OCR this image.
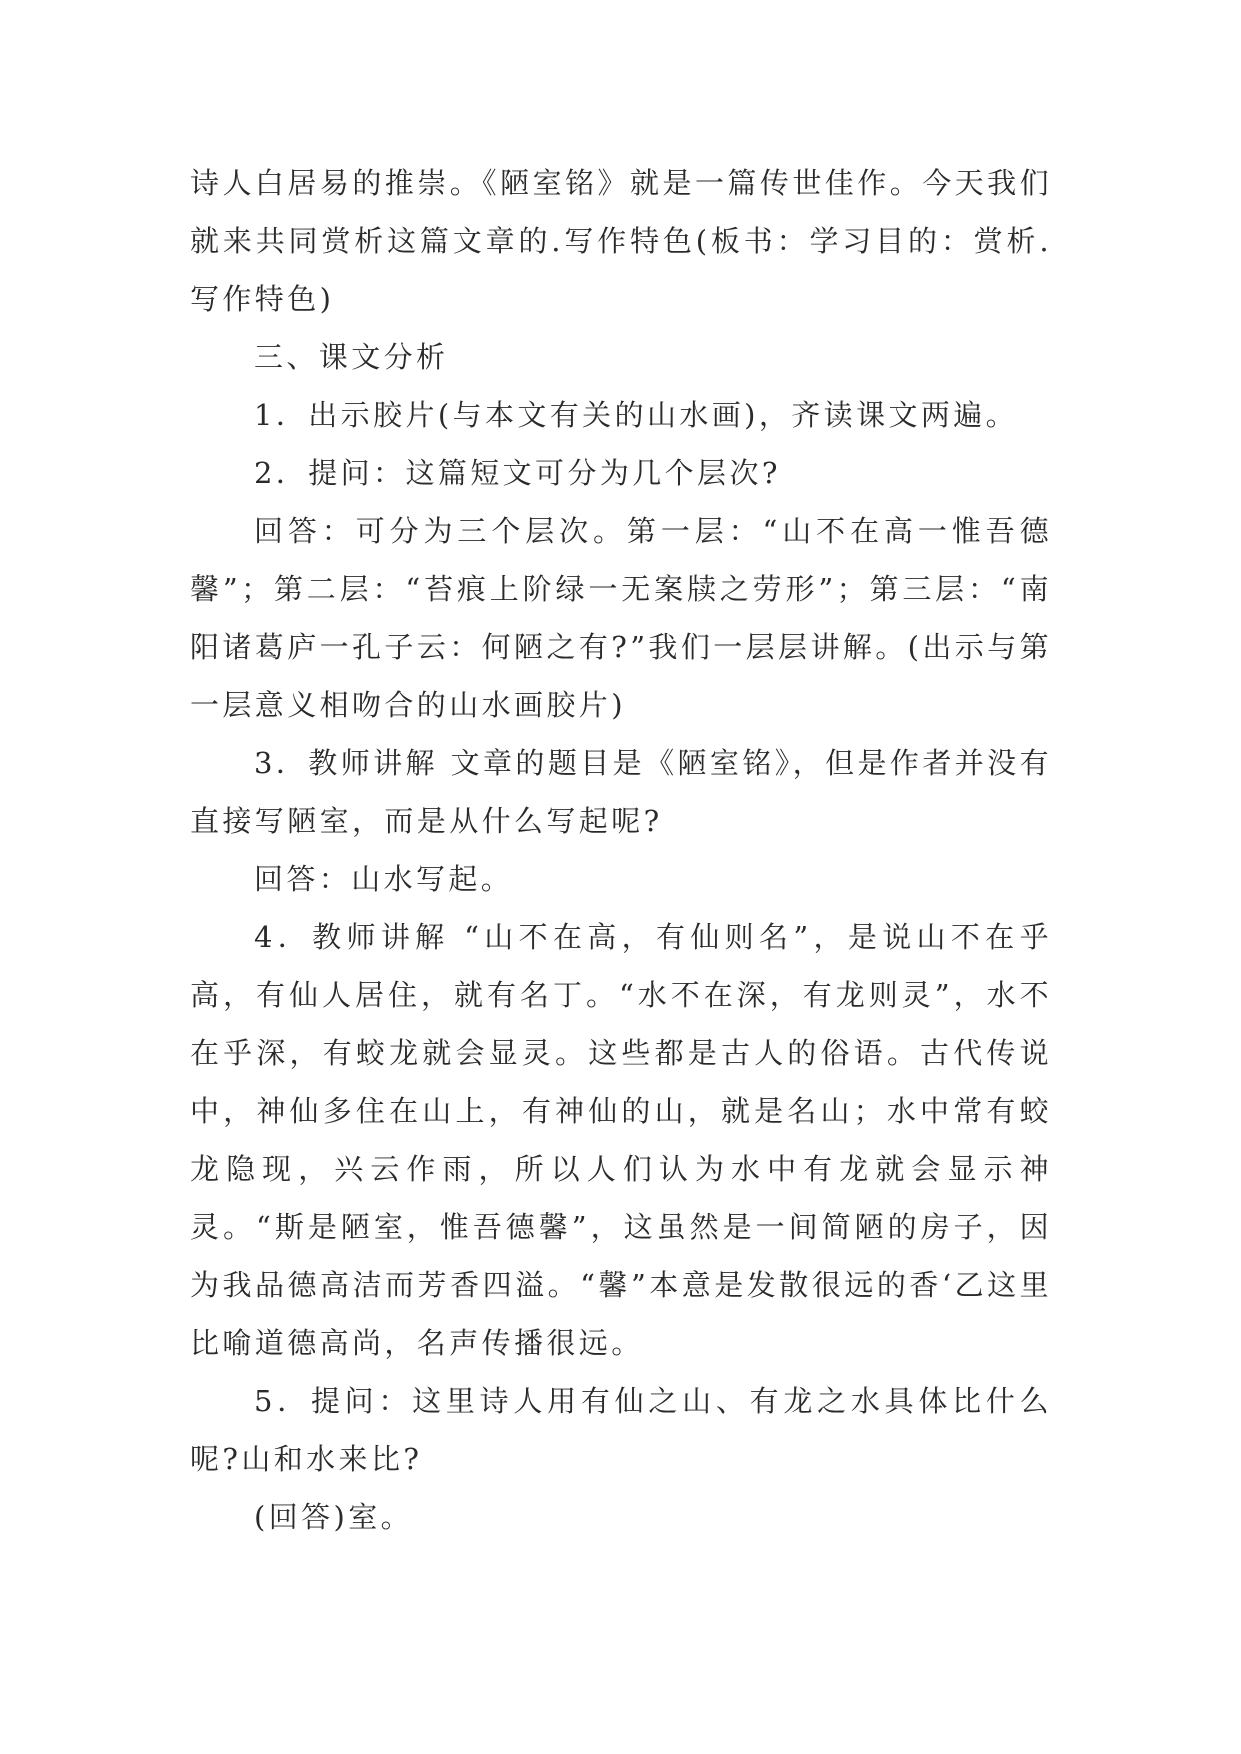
诗人白居易的推崇。《陋室铭》就是一篇传世佳作。今天我们就来共同赏析这篇文章的.写作特色(板书：学习目的：赏析.写作特色)

三、课文分析

1．出示胶片(与本文有关的山水画)，齐读课文两遍。

2．提问：这篇短文可分为几个层次?

回答：可分为三个层次。第一层：“山不在高一惟吾德馨”；第二层：“苔痕上阶绿一无案牍之劳形”；第三层：“南阳诸葛庐一孔子云：何陋之有?”我们一层层讲解。(出示与第一层意义相吻合的山水画胶片)

3．教师讲解 文章的题目是《陋室铭》，但是作者并没有直接写陋室，而是从什么写起呢?

回答：山水写起。

4．教师讲解 “山不在高，有仙则名”，是说山不在乎高，有仙人居住，就有名丁。“水不在深，有龙则灵”，水不在乎深，有蛟龙就会显灵。这些都是古人的俗语。古代传说中，神仙多住在山上，有神仙的山，就是名山；水中常有蛟龙隐现，兴云作雨，所以人们认为水中有龙就会显示神灵。“斯是陋室，惟吾德馨”，这虽然是一间简陋的房子，因为我品德高洁而芳香四溢。“馨”本意是发散很远的香‘乙这里比喻道德高尚，名声传播很远。

5．提问：这里诗人用有仙之山、有龙之水具体比什么呢?山和水来比?

(回答)室。
